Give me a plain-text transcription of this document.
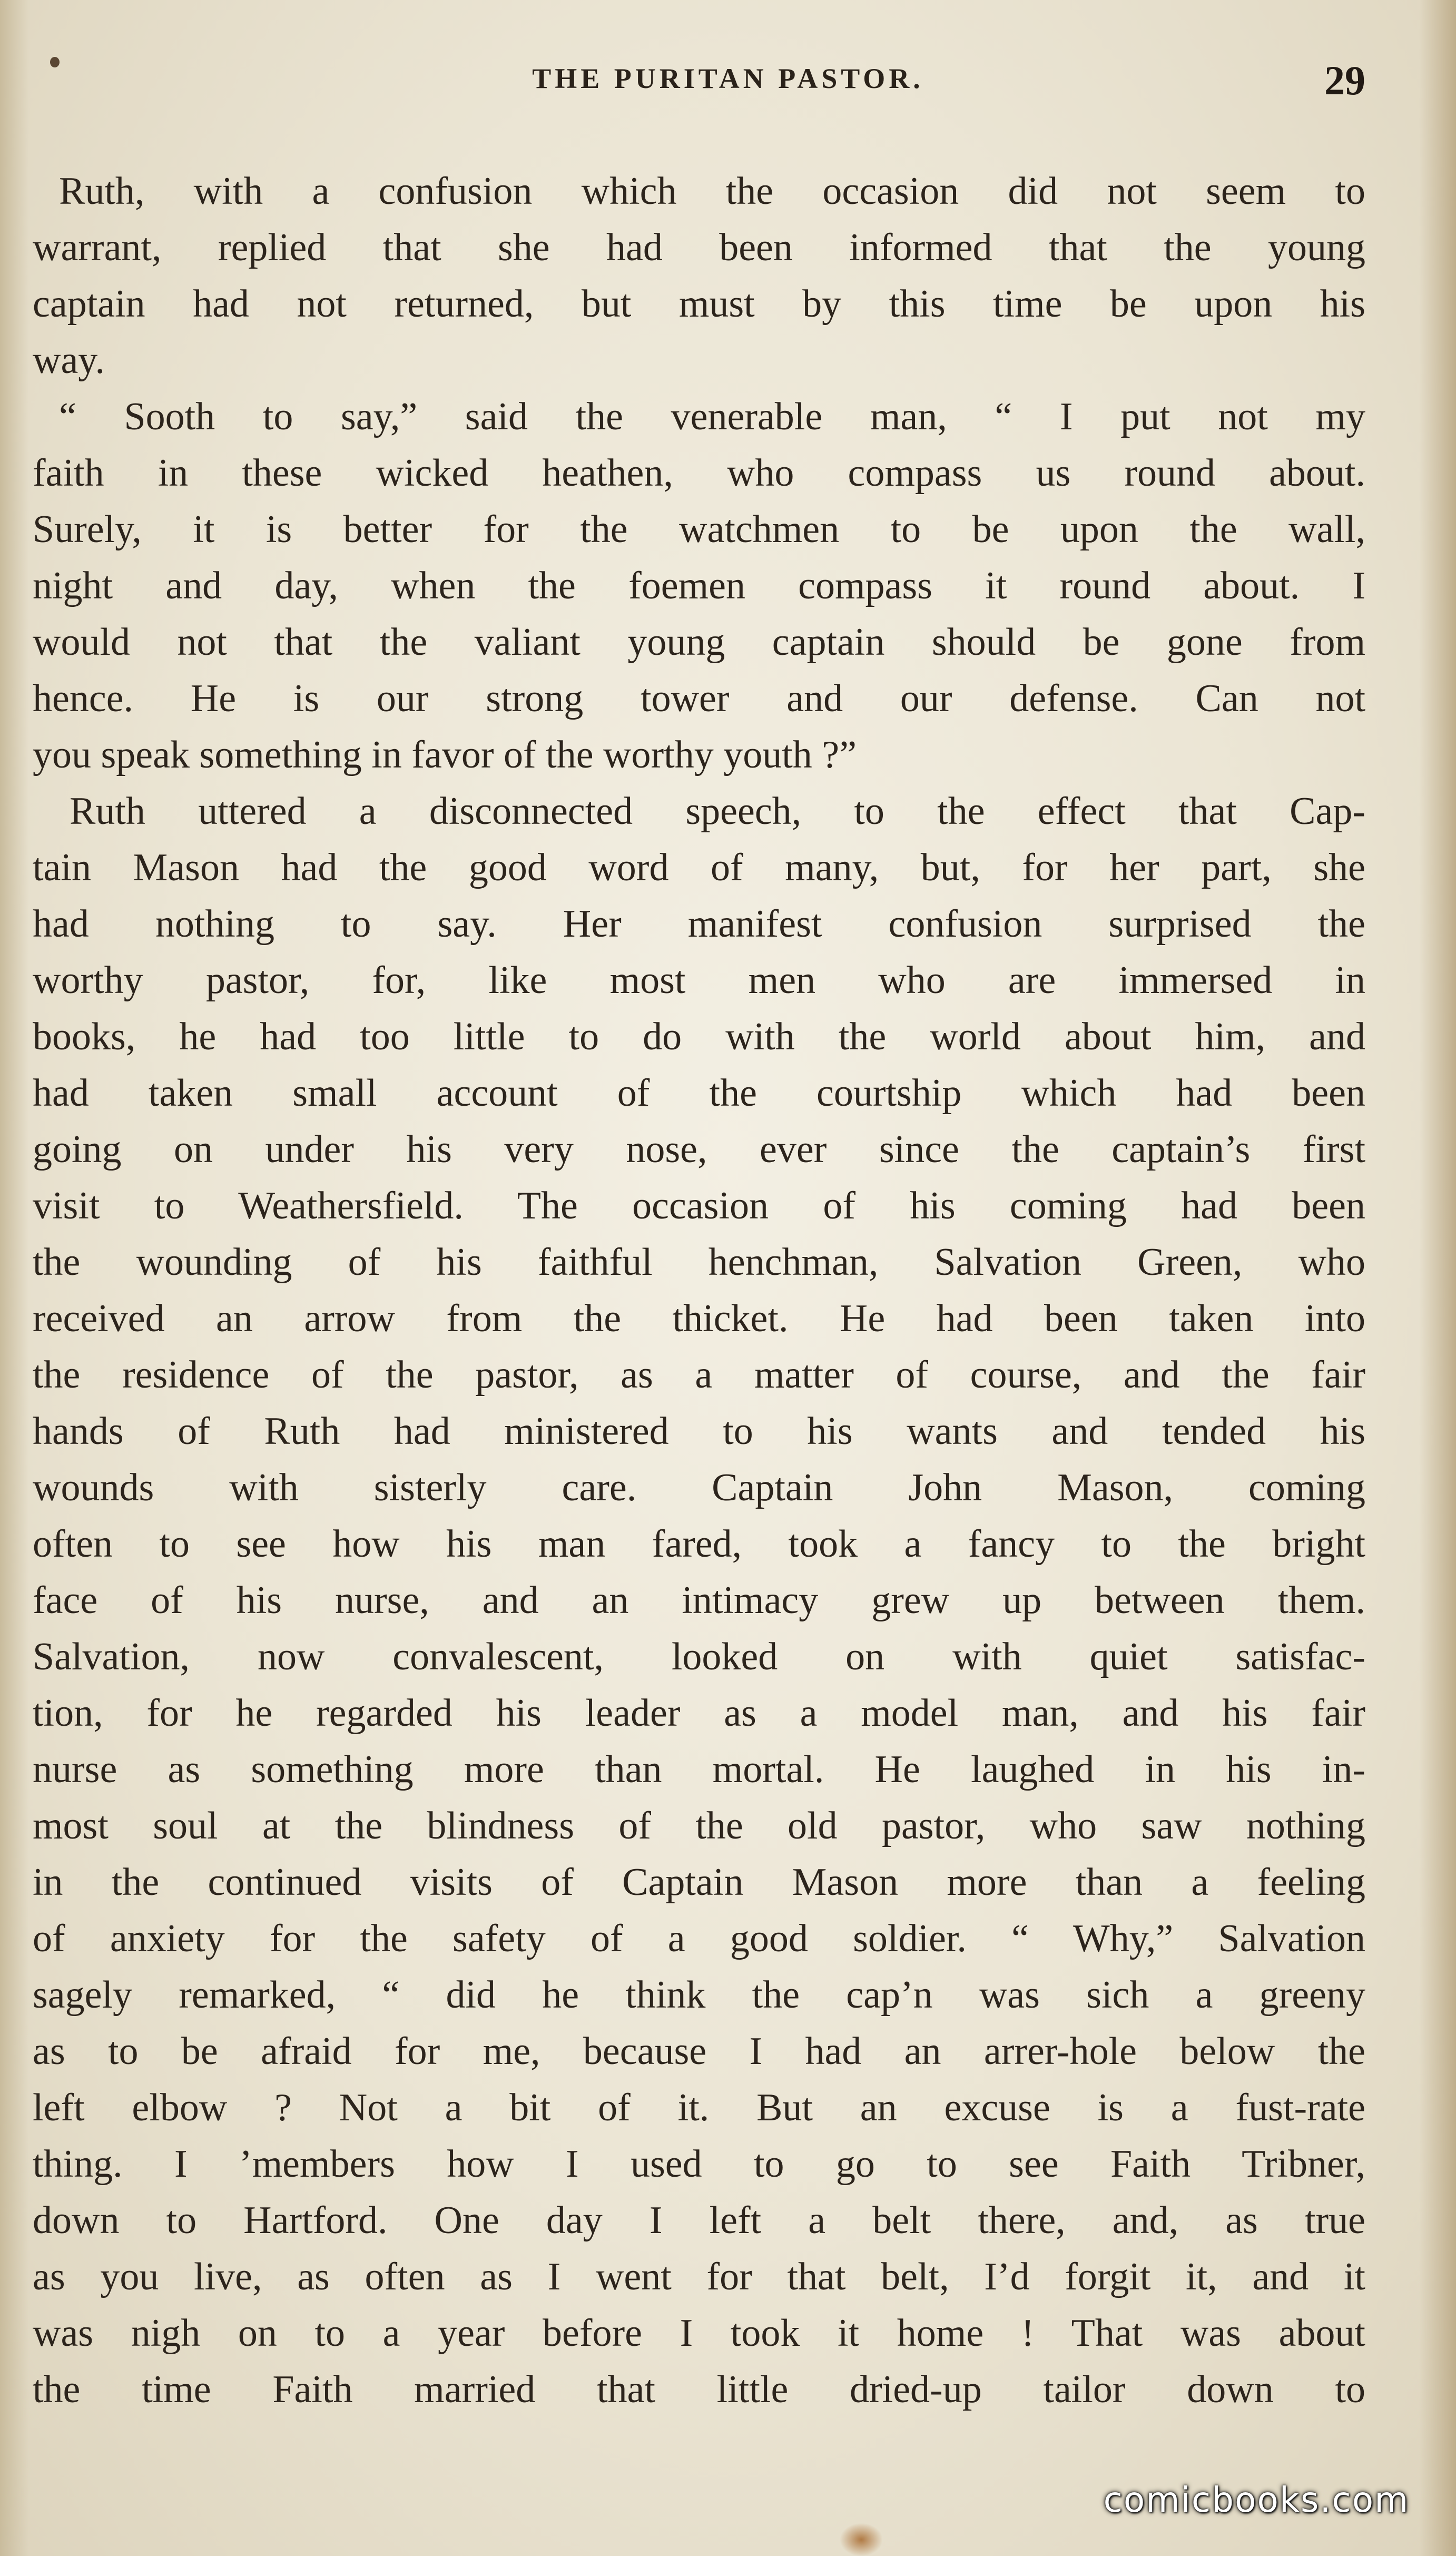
THE PURITAN PASTOR.	29
Ruth, with a confusion which the occasion did not seem to
warrant, replied that she had been informed that the young
captain had not returned, but must by this time be upon his
way.
“ Sooth to say,” said the venerable man, “ I put not my
faith in these wicked heathen, who compass us round about.
Surely, it is better for the watchmen to be upon the wall,
night and day, when the foemen compass it round about. I
would not that the valiant young captain should be gone from
hence. He is our strong tower and our defense. Can not
you speak something in favor of the worthy youth ?”
Ruth uttered a disconnected speech, to the effect that Cap-
tain Mason had the good word of many, but, for her part, she
had nothing to say. Her manifest confusion surprised the
worthy pastor, for, like most men who are immersed in
books, he had too little to do with the world about him, and
had taken small account of the courtship which had been
going on under his very nose, ever since the captain’s first
visit to Weathersfield. The occasion of his coming had been
the wounding of his faithful henchman, Salvation Green, who
received an arrow from the thicket. He had been taken into
the residence of the pastor, as a matter of course, and the fair
hands of Ruth had ministered to his wants and tended his
wounds with sisterly care. Captain John Mason, coming
often to see how his man fared, took a fancy to the bright
face of his nurse, and an intimacy grew up between them.
Salvation, now convalescent, looked on with quiet satisfac-
tion, for he regarded his leader as a model man, and his fair
nurse as something more than mortal. He laughed in his in-
most soul at the blindness of the old pastor, who saw nothing
in the continued visits of Captain Mason more than a feeling
of anxiety for the safety of a good soldier. “ Why,” Salvation
sagely remarked, “ did he think the cap’n was sich a greeny
as to be afraid for me, because I had an arrer-hole below the
left elbow ? Not a bit of it. But an excuse is a fust-rate
thing. I ’members how I used to go to see Faith Tribner,
down to Hartford. One day I left a belt there, and, as true
as you live, as often as I went for that belt, I’d forgit it, and it
was nigh on to a year before I took it home ! That was about
the time Faith married that little dried-up tailor down to
comicbooks.com
